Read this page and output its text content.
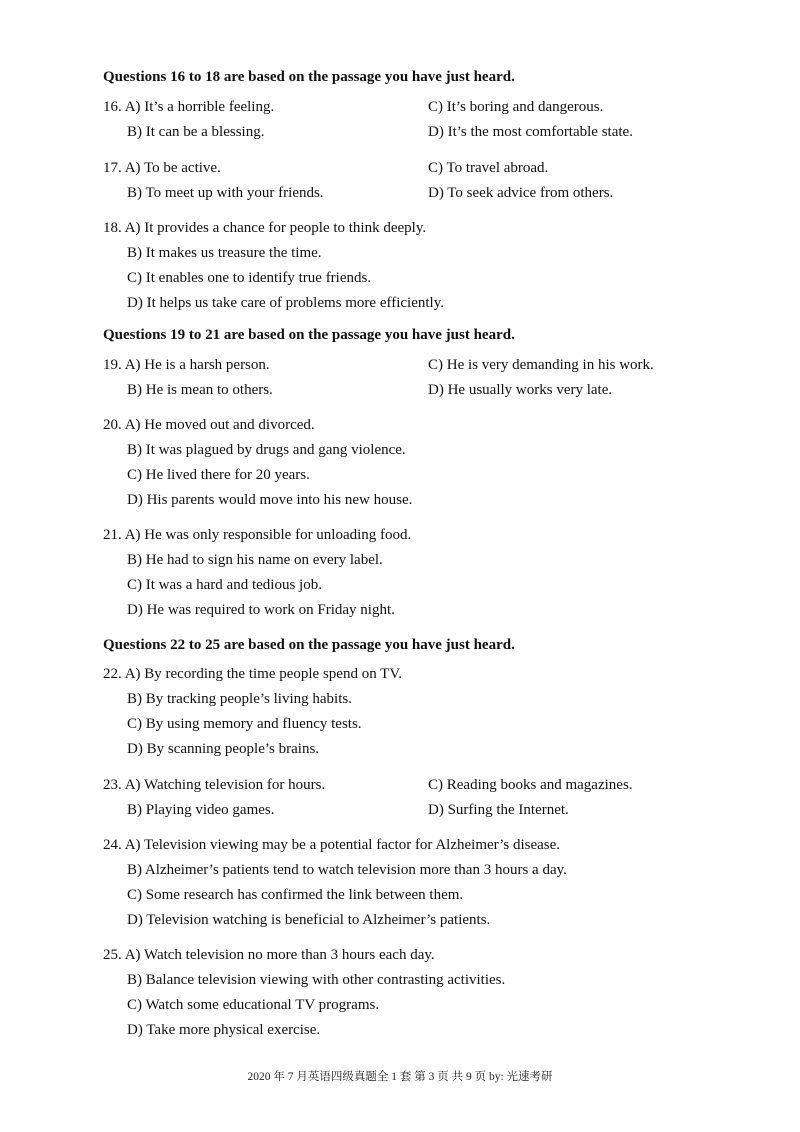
Questions 16 to 18 are based on the passage you have just heard.
16. A) It’s a horrible feeling.
B) It can be a blessing.
C) It’s boring and dangerous.
D) It’s the most comfortable state.
17. A) To be active.
B) To meet up with your friends.
C) To travel abroad.
D) To seek advice from others.
18. A) It provides a chance for people to think deeply.
B) It makes us treasure the time.
C) It enables one to identify true friends.
D) It helps us take care of problems more efficiently.
Questions 19 to 21 are based on the passage you have just heard.
19. A) He is a harsh person.
B) He is mean to others.
C) He is very demanding in his work.
D) He usually works very late.
20. A) He moved out and divorced.
B) It was plagued by drugs and gang violence.
C) He lived there for 20 years.
D) His parents would move into his new house.
21. A) He was only responsible for unloading food.
B) He had to sign his name on every label.
C) It was a hard and tedious job.
D) He was required to work on Friday night.
Questions 22 to 25 are based on the passage you have just heard.
22. A) By recording the time people spend on TV.
B) By tracking people’s living habits.
C) By using memory and fluency tests.
D) By scanning people’s brains.
23. A) Watching television for hours.
B) Playing video games.
C) Reading books and magazines.
D) Surfing the Internet.
24. A) Television viewing may be a potential factor for Alzheimer’s disease.
B) Alzheimer’s patients tend to watch television more than 3 hours a day.
C) Some research has confirmed the link between them.
D) Television watching is beneficial to Alzheimer’s patients.
25. A) Watch television no more than 3 hours each day.
B) Balance television viewing with other contrasting activities.
C) Watch some educational TV programs.
D) Take more physical exercise.
2020 年 7 月英语四级真题全 1 套 第 3 页 共 9 页 by: 光速考研
